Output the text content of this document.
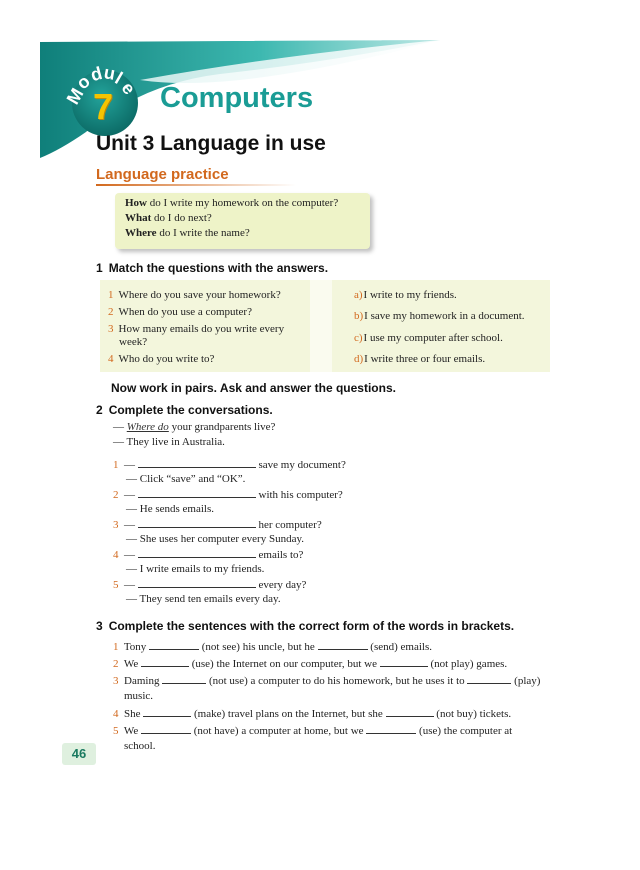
M
o
d
u
l
e
7 Computers
Unit 3 Language in use
Language practice
How do I write my homework on the computer?
What do I do next?
Where do I write the name?
1 Match the questions with the answers.
1 Where do you save your homework?
2 When do you use a computer?
3 How many emails do you write every
week?
4 Who do you write to?
a)I write to my friends.
b)I save my homework in a document.
c)I use my computer after school.
d)I write three or four emails.
Now work in pairs. Ask and answer the questions.
2 Complete the conversations.
— Where do your grandparents live?
— They live in Australia.
1  —	save my document?
— Click “save” and “OK”.
2  —	with his computer?
— He sends emails.
3  —	her computer?
— She uses her computer every Sunday.
4  —	emails to?
— I write emails to my friends.
5  —	every day?
— They send ten emails every day.
3 Complete the sentences with the correct form of the words in brackets.
1 Tony	(not see) his uncle, but he	(send) emails.
2 We	(use) the Internet on our computer, but we	(not play) games.
3 Daming	(not use) a computer to do his homework, but he uses it to	(play)
music.
4 She	(make) travel plans on the Internet, but she	(not buy) tickets.
5 We	(not have) a computer at home, but we	(use) the computer at
school.
46
